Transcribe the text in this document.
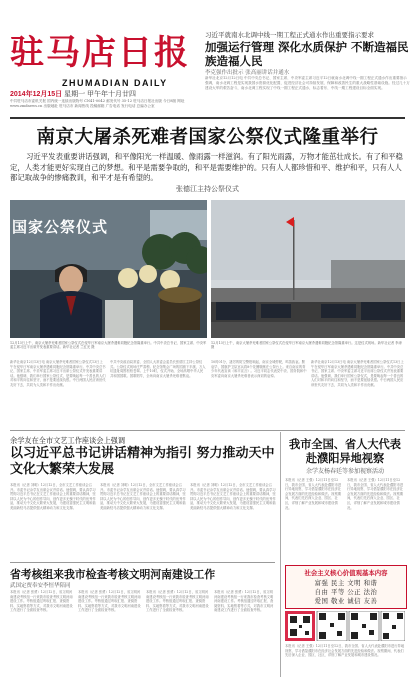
驻马店日报
ZHUMADIAN DAILY
2014年12月15日 星期一 甲午年十月廿四
中共驻马店市委机关报 国内统一连续出版物号 CN41-0042 邮发代号 35-12 驻马店日报社出版 今日8版 网址 www.zmdnews.cn 出版地址 驻马店市 新闻热线 投稿邮箱 广告电话 发行电话 总编办公室
习近平就南水北调中线一期工程正式通水作出重要指示要求
加强运行管理 深化水质保护 不断造福民族造福人民
李克强作出批示 张高丽讲话并通水
新华社北京12月12日电 中共中央总书记、国家主席、中央军委主席习近平12日就南水北调中线一期工程正式通水作出重要指示强调，南水北调工程是实现我国水资源优化配置、促进经济社会可持续发展、保障和改善民生的重大战略性基础设施。经过几十万建设大军的艰苦奋斗，南水北调工程实现了中线一期工程正式通水，标志着东、中线一期工程建设目标全面实现。
南京大屠杀死难者国家公祭仪式隆重举行

习近平发表重要讲话强调，和平像阳光一样温暖、像雨露一样滋润。有了阳光雨露，万物才能茁壮成长。有了和平稳定，人类才能更好实现自己的梦想。和平是需要争取的，和平是需要维护的。只有人人都珍惜和平、维护和平，只有人人都记取战争的惨痛教训，和平才是有希望的。

张德江主持公祭仪式
国家公祭仪式
12月13日上午，南京大屠杀死难者国家公祭仪式在侵华日军南京大屠杀遇难同胞纪念馆隆重举行。中共中央总书记、国家主席、中央军委主席习近平出席并发表重要讲话。新华社记者 兰红光 摄
12月13日上午，南京大屠杀死难者国家公祭仪式在侵华日军南京大屠杀遇难同胞纪念馆隆重举行。这是仪式现场。新华社记者 李涛 摄
新华社南京12月13日电 南京大屠杀死难者国家公祭仪式13日上午在侵华日军南京大屠杀遇难同胞纪念馆隆重举行。中共中央总书记、国家主席、中央军委主席习近平出席公祭仪式并发表重要讲话。他强调，我们举行国家公祭仪式，是要唤起每一个善良的人们对和平的向往和坚守，而不是要延续仇恨。中日两国人民应该世代友好下去，共同为人类和平作出贡献。
中共中央政治局常委、全国人大常委会委员长张德江主持公祭仪式。公祭仪式现场庄严肃穆。纪念馆集会广场的国旗下半旗，万人坑遗址周围松柏苍翠。上午10时，仪式开始，全场高唱中华人民共和国国歌。国歌唱毕，全场向南京大屠杀死难者默哀。
10时01分，凄厉的防空警报响起，南京全城停驶，鸣笛致哀。默哀毕，国旗护卫队官兵将8个花圈敬献在公祭台上。来自南京的青少年代表宣读《和平宣言》。习近平同志代表党中央、国务院和中央军委向南京大屠杀死难者表示深切的哀悼。
新华社南京12月13日电 南京大屠杀死难者国家公祭仪式13日上午在侵华日军南京大屠杀遇难同胞纪念馆隆重举行。中共中央总书记、国家主席、中央军委主席习近平出席公祭仪式并发表重要讲话。他强调，我们举行国家公祭仪式，是要唤起每一个善良的人们对和平的向往和坚守，而不是要延续仇恨。中日两国人民应该世代友好下去，共同为人类和平作出贡献。
余学友在全市文艺工作座谈会上强调
以习近平总书记讲话精神为指引 努力推动天中文化大繁荣大发展
本报讯（记者 刘明）12月12日，全市文艺工作座谈会召开。市委书记余学友出席会议并讲话。他强调，要认真学习贯彻习近平总书记在文艺工作座谈会上的重要讲话精神，坚持以人民为中心的创作导向，创作更多无愧于时代的优秀作品，推动天中文化大繁荣大发展，为建设富强民主文明和谐美丽新驻马店提供强大精神动力和文化支撑。
本报讯（记者 刘明）12月12日，全市文艺工作座谈会召开。市委书记余学友出席会议并讲话。他强调，要认真学习贯彻习近平总书记在文艺工作座谈会上的重要讲话精神，坚持以人民为中心的创作导向，创作更多无愧于时代的优秀作品，推动天中文化大繁荣大发展，为建设富强民主文明和谐美丽新驻马店提供强大精神动力和文化支撑。
本报讯（记者 刘明）12月12日，全市文艺工作座谈会召开。市委书记余学友出席会议并讲话。他强调，要认真学习贯彻习近平总书记在文艺工作座谈会上的重要讲话精神，坚持以人民为中心的创作导向，创作更多无愧于时代的优秀作品，推动天中文化大繁荣大发展，为建设富强民主文明和谐美丽新驻马店提供强大精神动力和文化支撑。
我市全国、省人大代表赴濮阳异地视察
余学友杨春廷等参加视察活动
本报讯（记者 王强）12月11日至12日，我市全国、省人大代表赴濮阳市进行异地视察，学习借鉴濮阳市在经济社会发展方面的先进经验和做法。视察期间，代表们先后深入企业、园区、社区，详细了解产业发展和城市建设情况。
本报讯（记者 王强）12月11日至12日，我市全国、省人大代表赴濮阳市进行异地视察，学习借鉴濮阳市在经济社会发展方面的先进经验和做法。视察期间，代表们先后深入企业、园区、社区，详细了解产业发展和城市建设情况。
省考核组来我市检查考核文明河南建设工作
武国定贾奉安李恒华陪同
本报讯（记者 张勇）12月12日，省文明河南建设考核组一行来我市检查考核文明河南建设工作。考核组通过听取汇报、查阅资料、实地察看等方式，对我市文明河南建设工作进行了全面检查考核。
本报讯（记者 张勇）12月12日，省文明河南建设考核组一行来我市检查考核文明河南建设工作。考核组通过听取汇报、查阅资料、实地察看等方式，对我市文明河南建设工作进行了全面检查考核。
本报讯（记者 张勇）12月12日，省文明河南建设考核组一行来我市检查考核文明河南建设工作。考核组通过听取汇报、查阅资料、实地察看等方式，对我市文明河南建设工作进行了全面检查考核。
本报讯（记者 张勇）12月12日，省文明河南建设考核组一行来我市检查考核文明河南建设工作。考核组通过听取汇报、查阅资料、实地察看等方式，对我市文明河南建设工作进行了全面检查考核。
社会主义核心价值观基本内容
富强 民主 文明 和谐
自由 平等 公正 法治
爱国 敬业 诚信 友善
本报讯（记者 王强）12月11日至12日，我市全国、省人大代表赴濮阳市进行异地视察，学习借鉴濮阳市在经济社会发展方面的先进经验和做法。视察期间，代表们先后深入企业、园区、社区，详细了解产业发展和城市建设情况。
